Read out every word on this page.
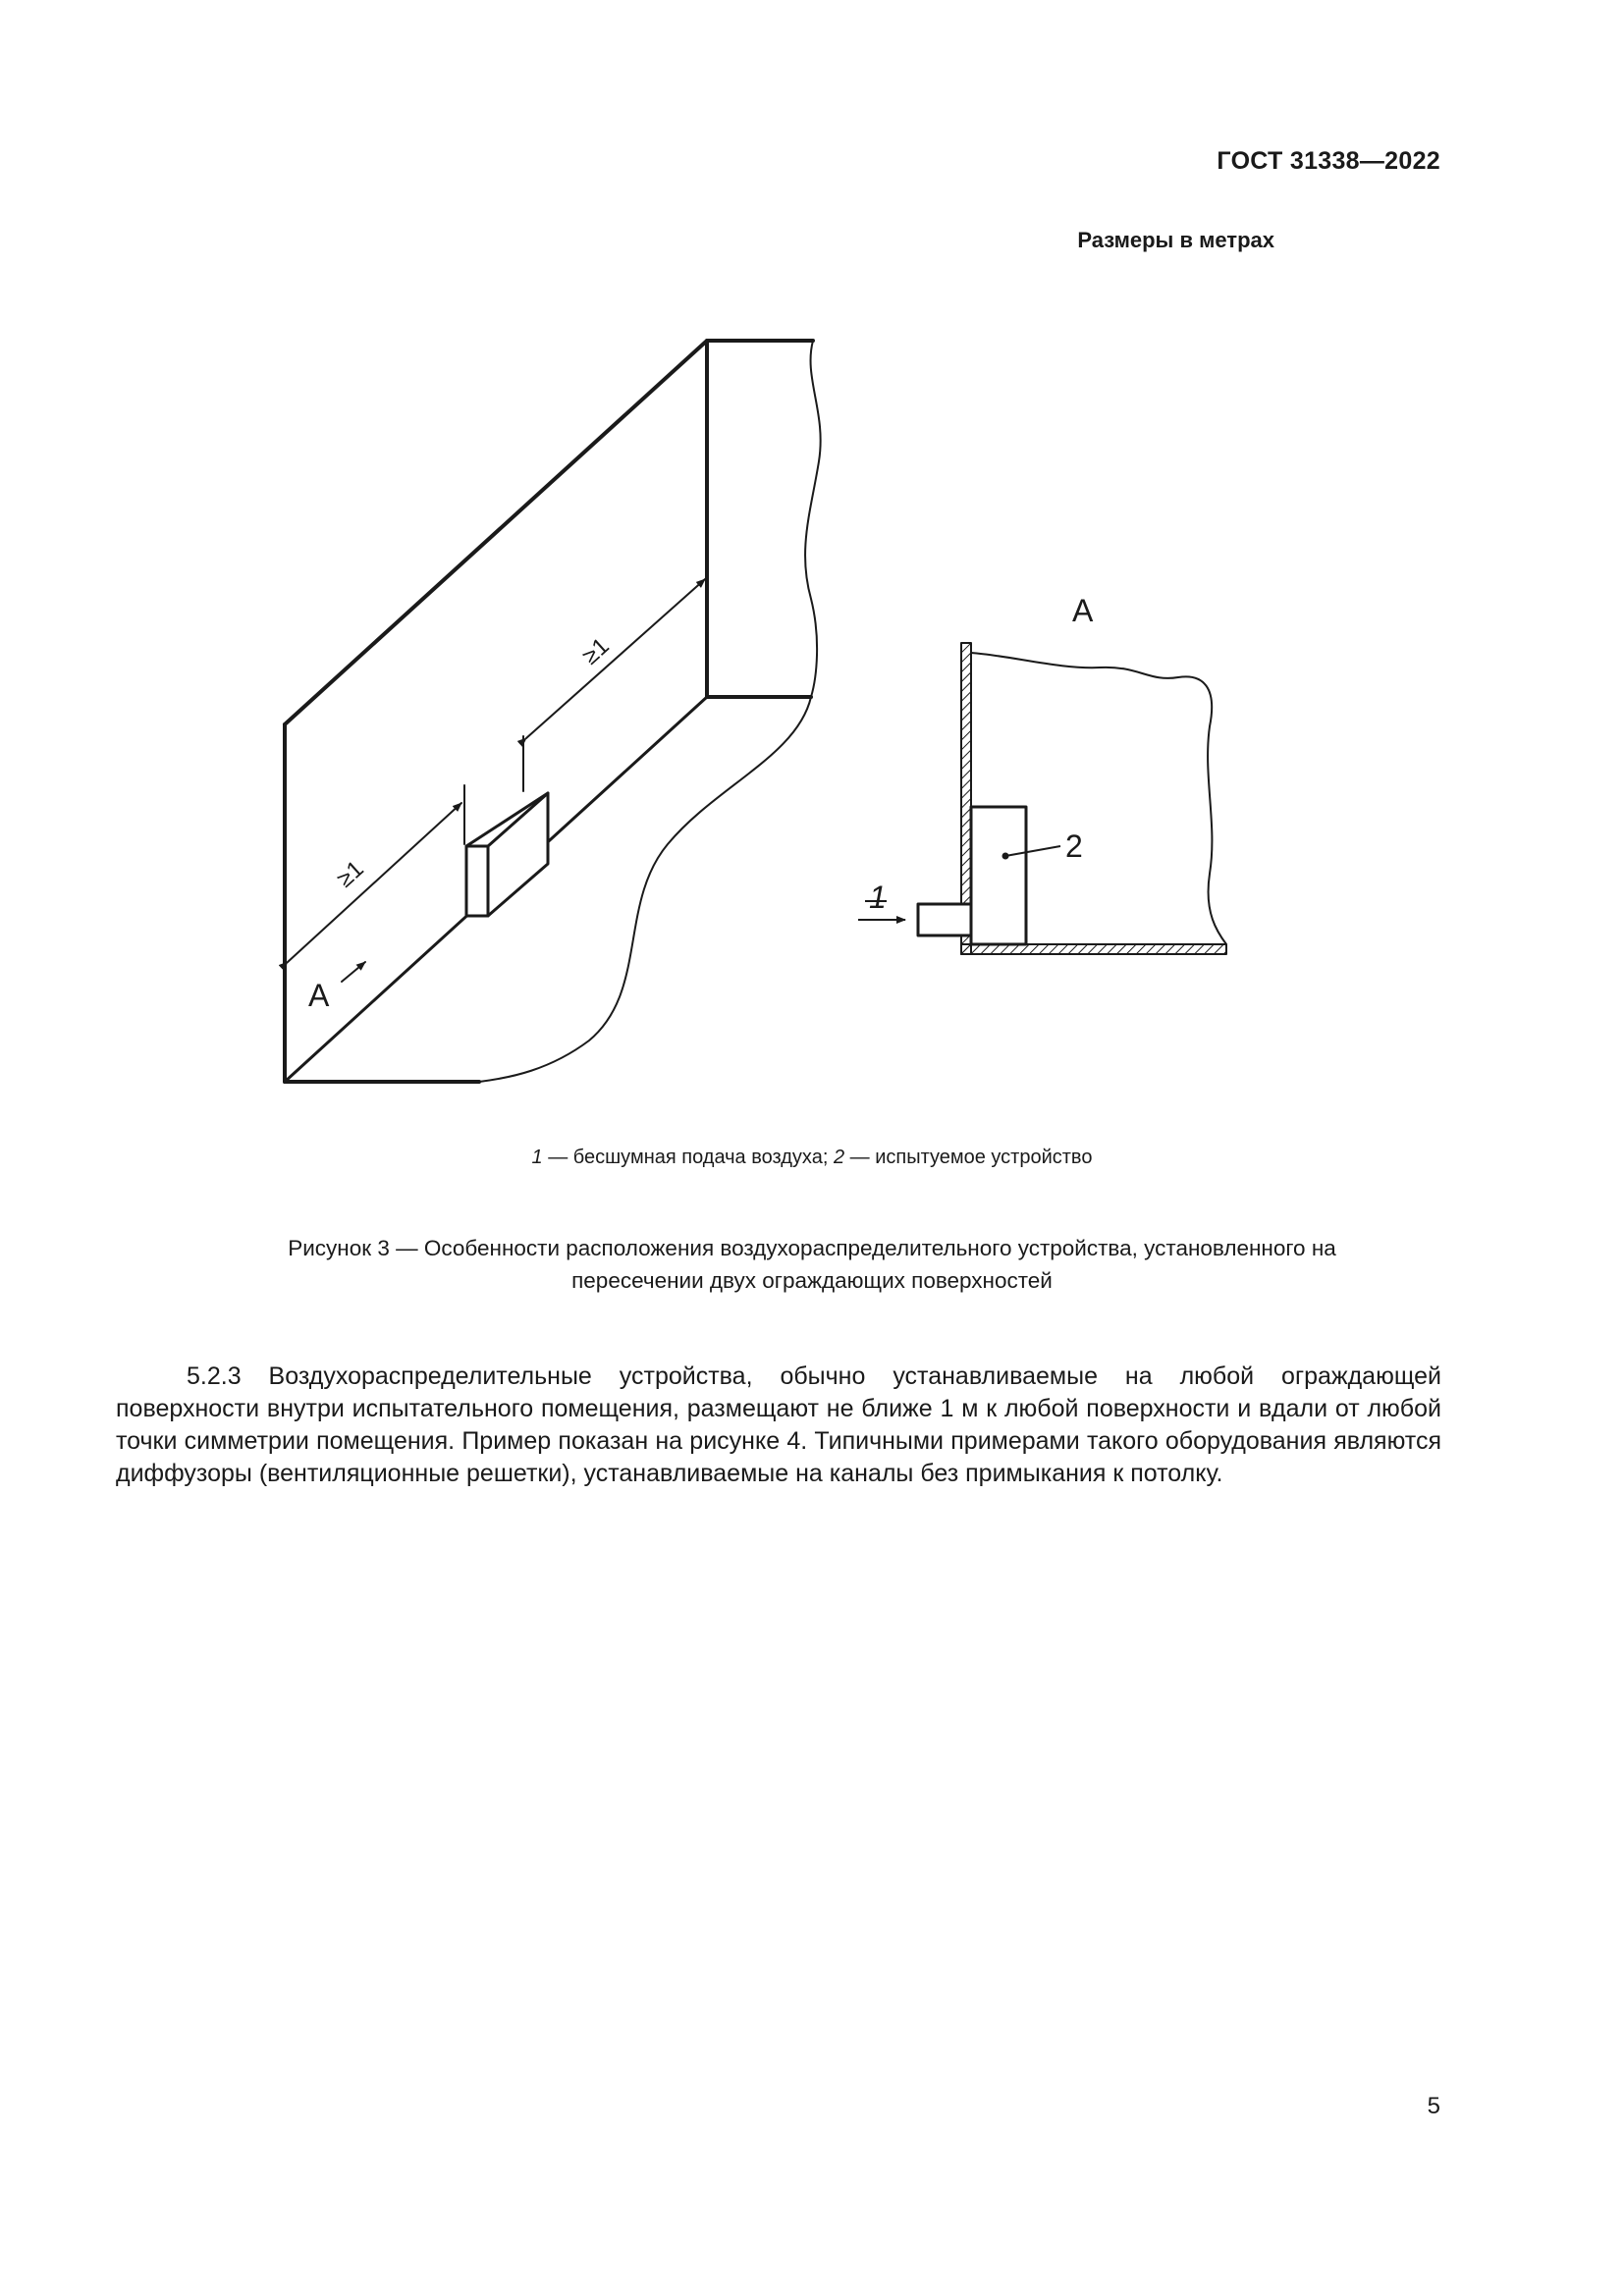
ГОСТ 31338—2022
Размеры в метрах
≥1
≥1
A
A
1
2
1 — бесшумная подача воздуха; 2 — испытуемое устройство
Рисунок 3 — Особенности расположения воздухораспределительного устройства, установленного на
пересечении двух ограждающих поверхностей

5.2.3 Воздухораспределительные устройства, обычно устанавливаемые на любой ограждающей поверхности внутри испытательного помещения, размещают не ближе 1 м к любой поверхности и вдали от любой точки симметрии помещения. Пример показан на рисунке 4. Типичными примерами такого оборудования являются диффузоры (вентиляционные решетки), устанавливаемые на каналы без примыкания к потолку.

5
